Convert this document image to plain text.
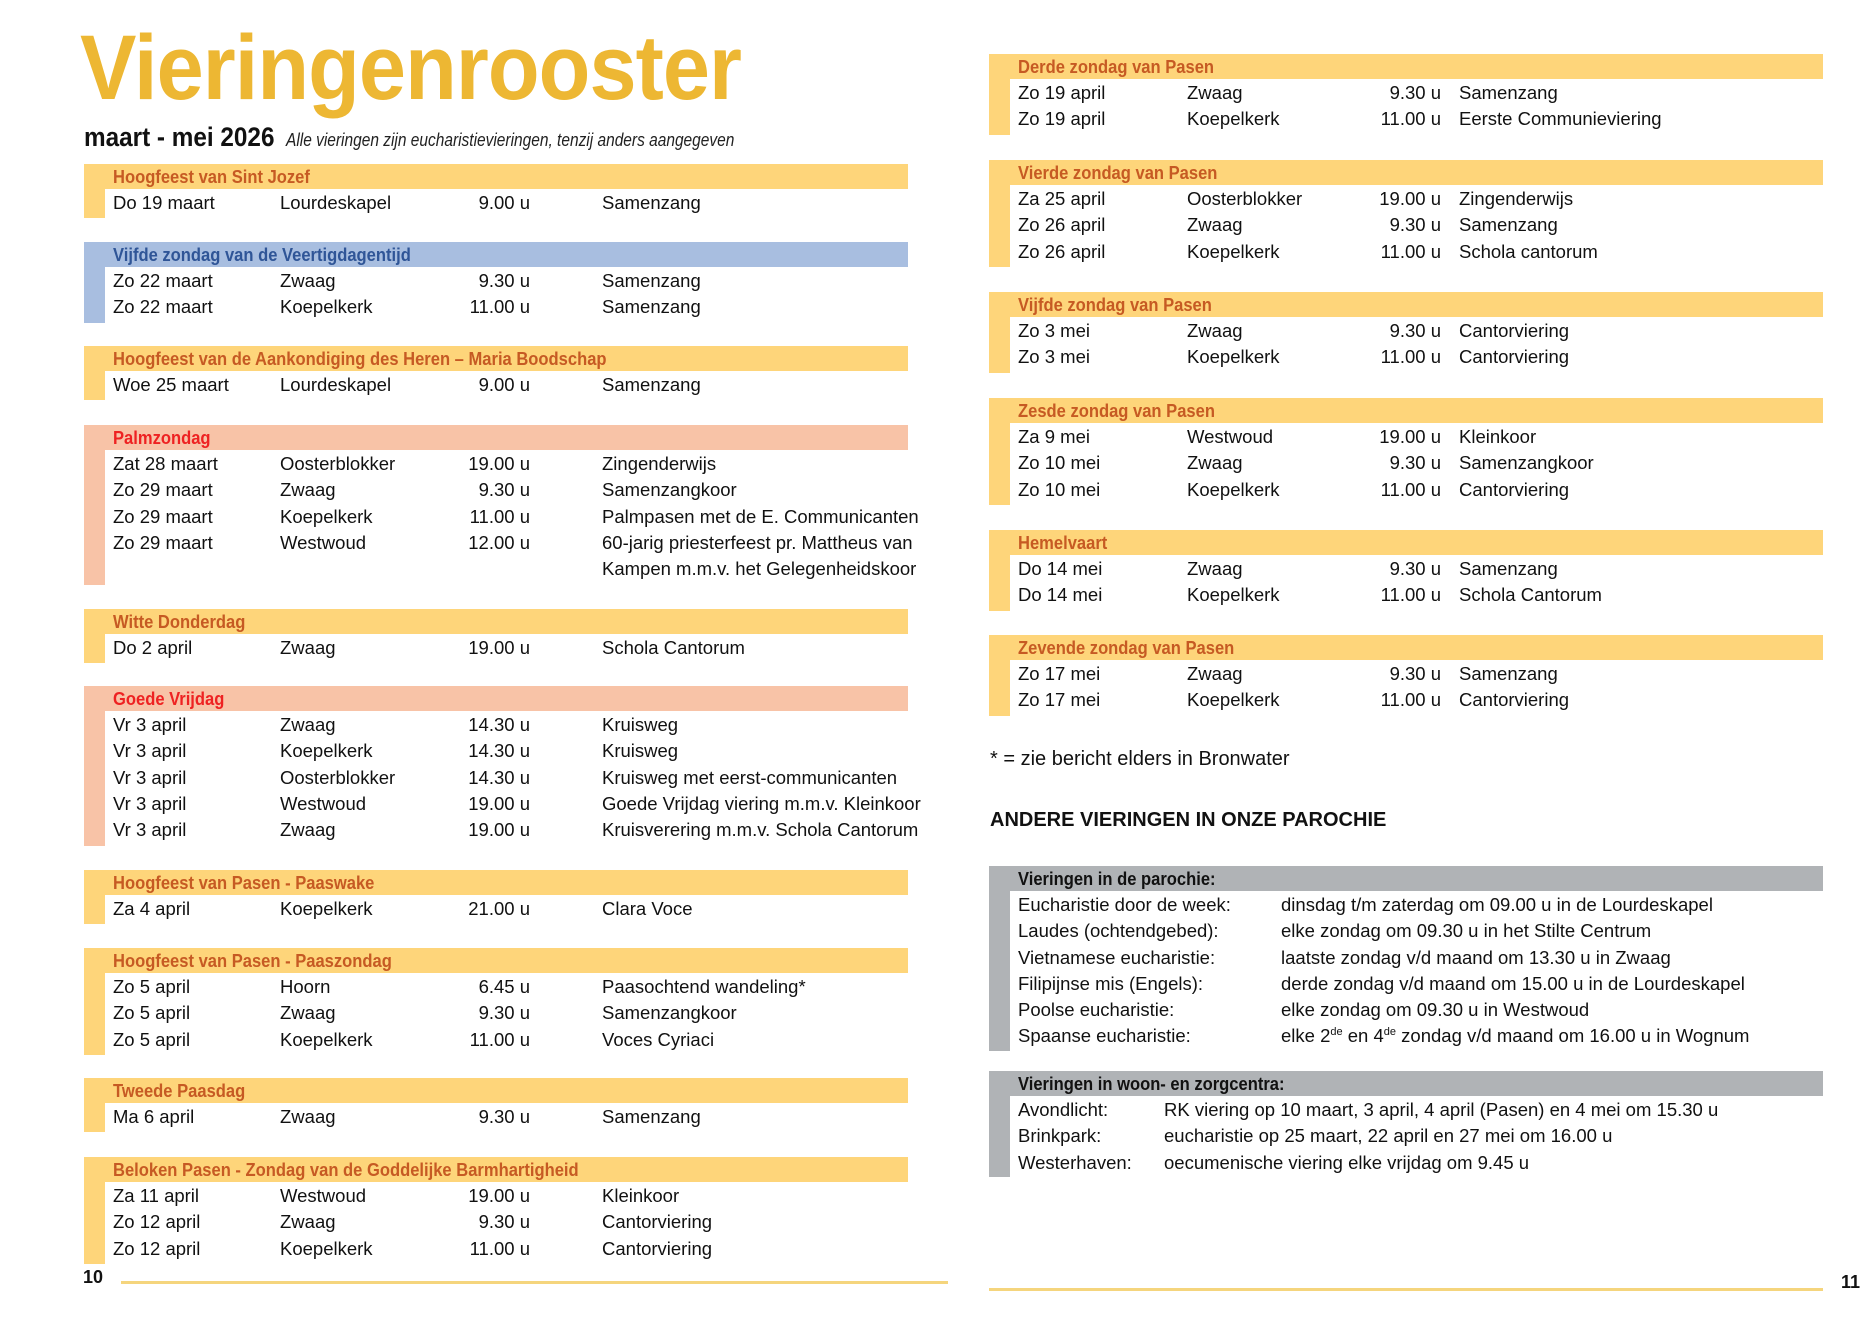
Vieringenrooster
maart - mei 2026 Alle vieringen zijn eucharistievieringen, tenzij anders aangegeven
Hoogfeest van Sint Jozef
Do 19 maart	Lourdeskapel	9.00 u	Samenzang
Vijfde zondag van de Veertigdagentijd
Zo 22 maart	Zwaag	9.30 u	Samenzang
Zo 22 maart	Koepelkerk	11.00 u	Samenzang
Hoogfeest van de Aankondiging des Heren – Maria Boodschap
Woe 25 maart	Lourdeskapel	9.00 u	Samenzang
Palmzondag
Zat 28 maart	Oosterblokker	19.00 u	Zingenderwijs
Zo 29 maart	Zwaag	9.30 u	Samenzangkoor
Zo 29 maart	Koepelkerk	11.00 u	Palmpasen met de E. Communicanten
Zo 29 maart	Westwoud	12.00 u	60-jarig priesterfeest pr. Mattheus van
Kampen m.m.v. het Gelegenheidskoor
Witte Donderdag
Do 2 april	Zwaag	19.00 u	Schola Cantorum
Goede Vrijdag
Vr 3 april	Zwaag	14.30 u	Kruisweg
Vr 3 april	Koepelkerk	14.30 u	Kruisweg
Vr 3 april	Oosterblokker	14.30 u	Kruisweg met eerst-communicanten
Vr 3 april	Westwoud	19.00 u	Goede Vrijdag viering m.m.v. Kleinkoor
Vr 3 april	Zwaag	19.00 u	Kruisverering m.m.v. Schola Cantorum
Hoogfeest van Pasen - Paaswake
Za 4 april	Koepelkerk	21.00 u	Clara Voce
Hoogfeest van Pasen - Paaszondag
Zo 5 april	Hoorn	6.45 u	Paasochtend wandeling*
Zo 5 april	Zwaag	9.30 u	Samenzangkoor
Zo 5 april	Koepelkerk	11.00 u	Voces Cyriaci
Tweede Paasdag
Ma 6 april	Zwaag	9.30 u	Samenzang
Beloken Pasen - Zondag van de Goddelijke Barmhartigheid
Za 11 april	Westwoud	19.00 u	Kleinkoor
Zo 12 april	Zwaag	9.30 u	Cantorviering
Zo 12 april	Koepelkerk	11.00 u	Cantorviering
Derde zondag van Pasen
Zo 19 april	Zwaag	9.30 u Samenzang
Zo 19 april	Koepelkerk	11.00 u Eerste Communieviering
Vierde zondag van Pasen
Za 25 april	Oosterblokker	19.00 u Zingenderwijs
Zo 26 april	Zwaag	9.30 u Samenzang
Zo 26 april	Koepelkerk	11.00 u Schola cantorum
Vijfde zondag van Pasen
Zo 3 mei	Zwaag	9.30 u Cantorviering
Zo 3 mei	Koepelkerk	11.00 u Cantorviering
Zesde zondag van Pasen
Za 9 mei	Westwoud	19.00 u Kleinkoor
Zo 10 mei	Zwaag	9.30 u Samenzangkoor
Zo 10 mei	Koepelkerk	11.00 u Cantorviering
Hemelvaart
Do 14 mei	Zwaag	9.30 u Samenzang
Do 14 mei	Koepelkerk	11.00 u Schola Cantorum
Zevende zondag van Pasen
Zo 17 mei	Zwaag	9.30 u Samenzang
Zo 17 mei	Koepelkerk	11.00 u Cantorviering
* = zie bericht elders in Bronwater
ANDERE VIERINGEN IN ONZE PAROCHIE
Vieringen in de parochie:
Eucharistie door de week:	dinsdag t/m zaterdag om 09.00 u in de Lourdeskapel
Laudes (ochtendgebed):	elke zondag om 09.30 u in het Stilte Centrum
Vietnamese eucharistie:	laatste zondag v/d maand om 13.30 u in Zwaag
Filipijnse mis (Engels):	derde zondag v/d maand om 15.00 u in de Lourdeskapel
Poolse eucharistie:	elke zondag om 09.30 u in Westwoud
Spaanse eucharistie:	elke 2de en 4de zondag v/d maand om 16.00 u in Wognum
Vieringen in woon- en zorgcentra:
Avondlicht:	RK viering op 10 maart, 3 april, 4 april (Pasen) en 4 mei om 15.30 u
Brinkpark:	eucharistie op 25 maart, 22 april en 27 mei om 16.00 u
Westerhaven: oecumenische viering elke vrijdag om 9.45 u
10	11
